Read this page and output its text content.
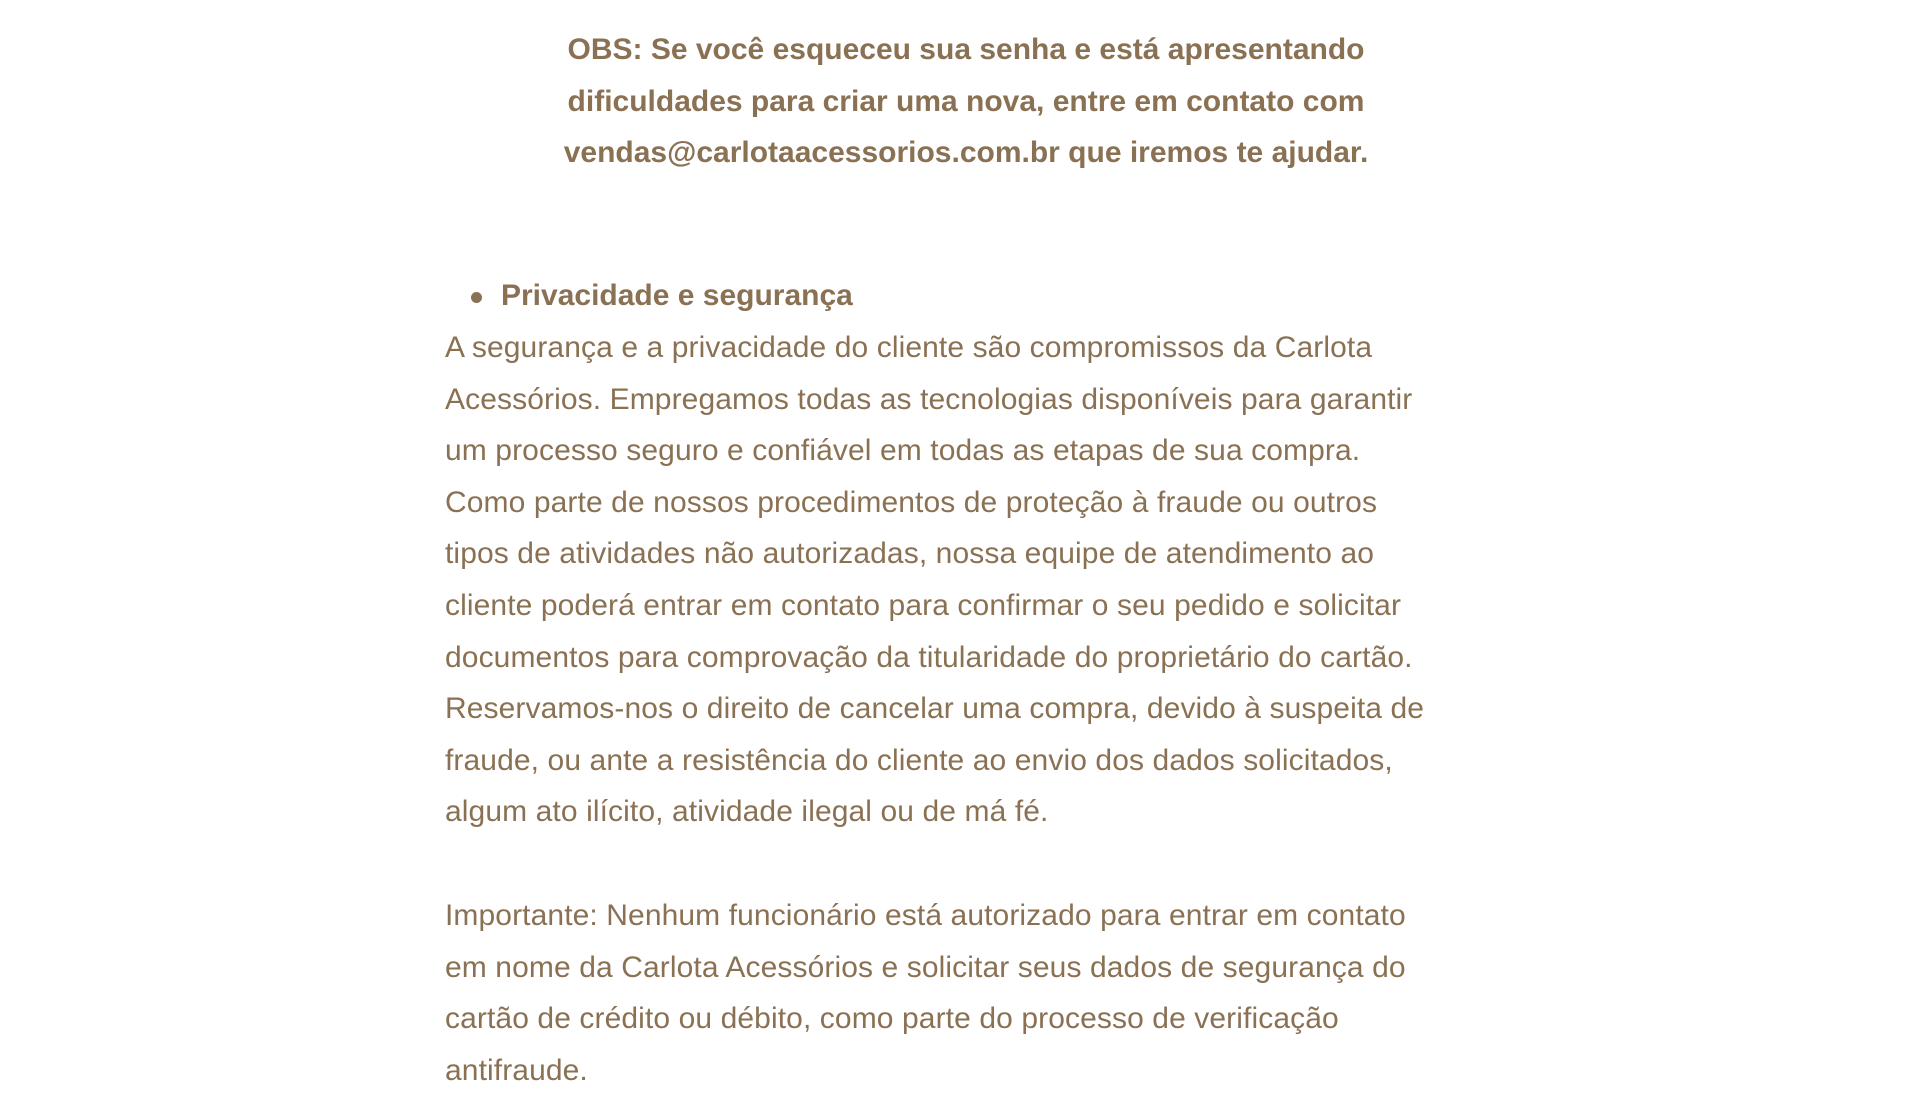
OBS: Se você esqueceu sua senha e está apresentando
dificuldades para criar uma nova, entre em contato com
vendas@carlotaacessorios.com.br que iremos te ajudar.

Privacidade e segurança

A segurança e a privacidade do cliente são compromissos da Carlota
Acessórios. Empregamos todas as tecnologias disponíveis para garantir
um processo seguro e confiável em todas as etapas de sua compra.
Como parte de nossos procedimentos de proteção à fraude ou outros
tipos de atividades não autorizadas, nossa equipe de atendimento ao
cliente poderá entrar em contato para confirmar o seu pedido e solicitar
documentos para comprovação da titularidade do proprietário do cartão.
Reservamos-nos o direito de cancelar uma compra, devido à suspeita de
fraude, ou ante a resistência do cliente ao envio dos dados solicitados,
algum ato ilícito, atividade ilegal ou de má fé.

Importante: Nenhum funcionário está autorizado para entrar em contato
em nome da Carlota Acessórios e solicitar seus dados de segurança do
cartão de crédito ou débito, como parte do processo de verificação
antifraude.
